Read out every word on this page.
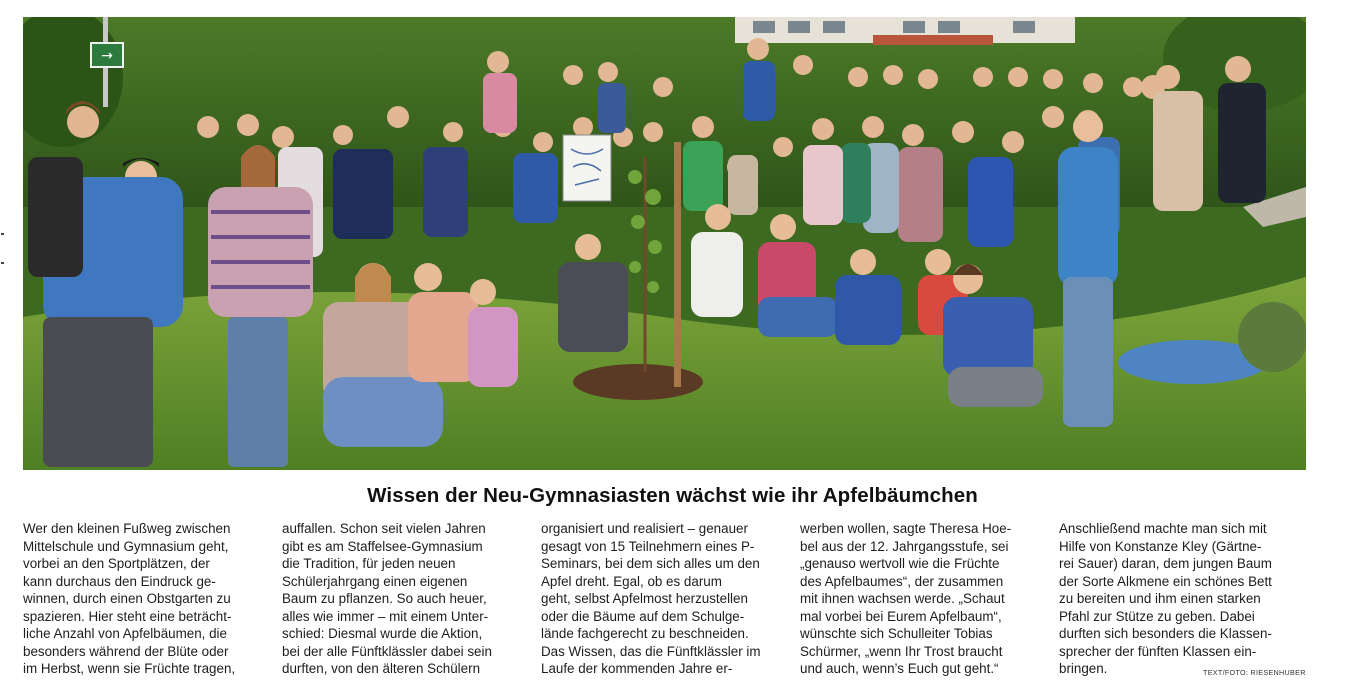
→
Wissen der Neu-Gymnasiasten wächst wie ihr Apfelbäumchen
Wer den kleinen Fußweg zwischen
Mittelschule und Gymnasium geht,
vorbei an den Sportplätzen, der
kann durchaus den Eindruck ge-
winnen, durch einen Obstgarten zu
spazieren. Hier steht eine beträcht-
liche Anzahl von Apfelbäumen, die
besonders während der Blüte oder
im Herbst, wenn sie Früchte tragen,
auffallen. Schon seit vielen Jahren
gibt es am Staffelsee-Gymnasium
die Tradition, für jeden neuen
Schülerjahrgang einen eigenen
Baum zu pflanzen. So auch heuer,
alles wie immer – mit einem Unter-
schied: Diesmal wurde die Aktion,
bei der alle Fünftklässler dabei sein
durften, von den älteren Schülern
organisiert und realisiert – genauer
gesagt von 15 Teilnehmern eines P-
Seminars, bei dem sich alles um den
Apfel dreht. Egal, ob es darum
geht, selbst Apfelmost herzustellen
oder die Bäume auf dem Schulge-
lände fachgerecht zu beschneiden.
Das Wissen, das die Fünftklässler im
Laufe der kommenden Jahre er-
werben wollen, sagte Theresa Hoe-
bel aus der 12. Jahrgangsstufe, sei
„genauso wertvoll wie die Früchte
des Apfelbaumes“, der zusammen
mit ihnen wachsen werde. „Schaut
mal vorbei bei Eurem Apfelbaum“,
wünschte sich Schulleiter Tobias
Schürmer, „wenn Ihr Trost braucht
und auch, wenn’s Euch gut geht.“
Anschließend machte man sich mit
Hilfe von Konstanze Kley (Gärtne-
rei Sauer) daran, dem jungen Baum
der Sorte Alkmene ein schönes Bett
zu bereiten und ihm einen starken
Pfahl zur Stütze zu geben. Dabei
durften sich besonders die Klassen-
sprecher der fünften Klassen ein-
bringen.	TEXT/FOTO: RIESENHUBER
